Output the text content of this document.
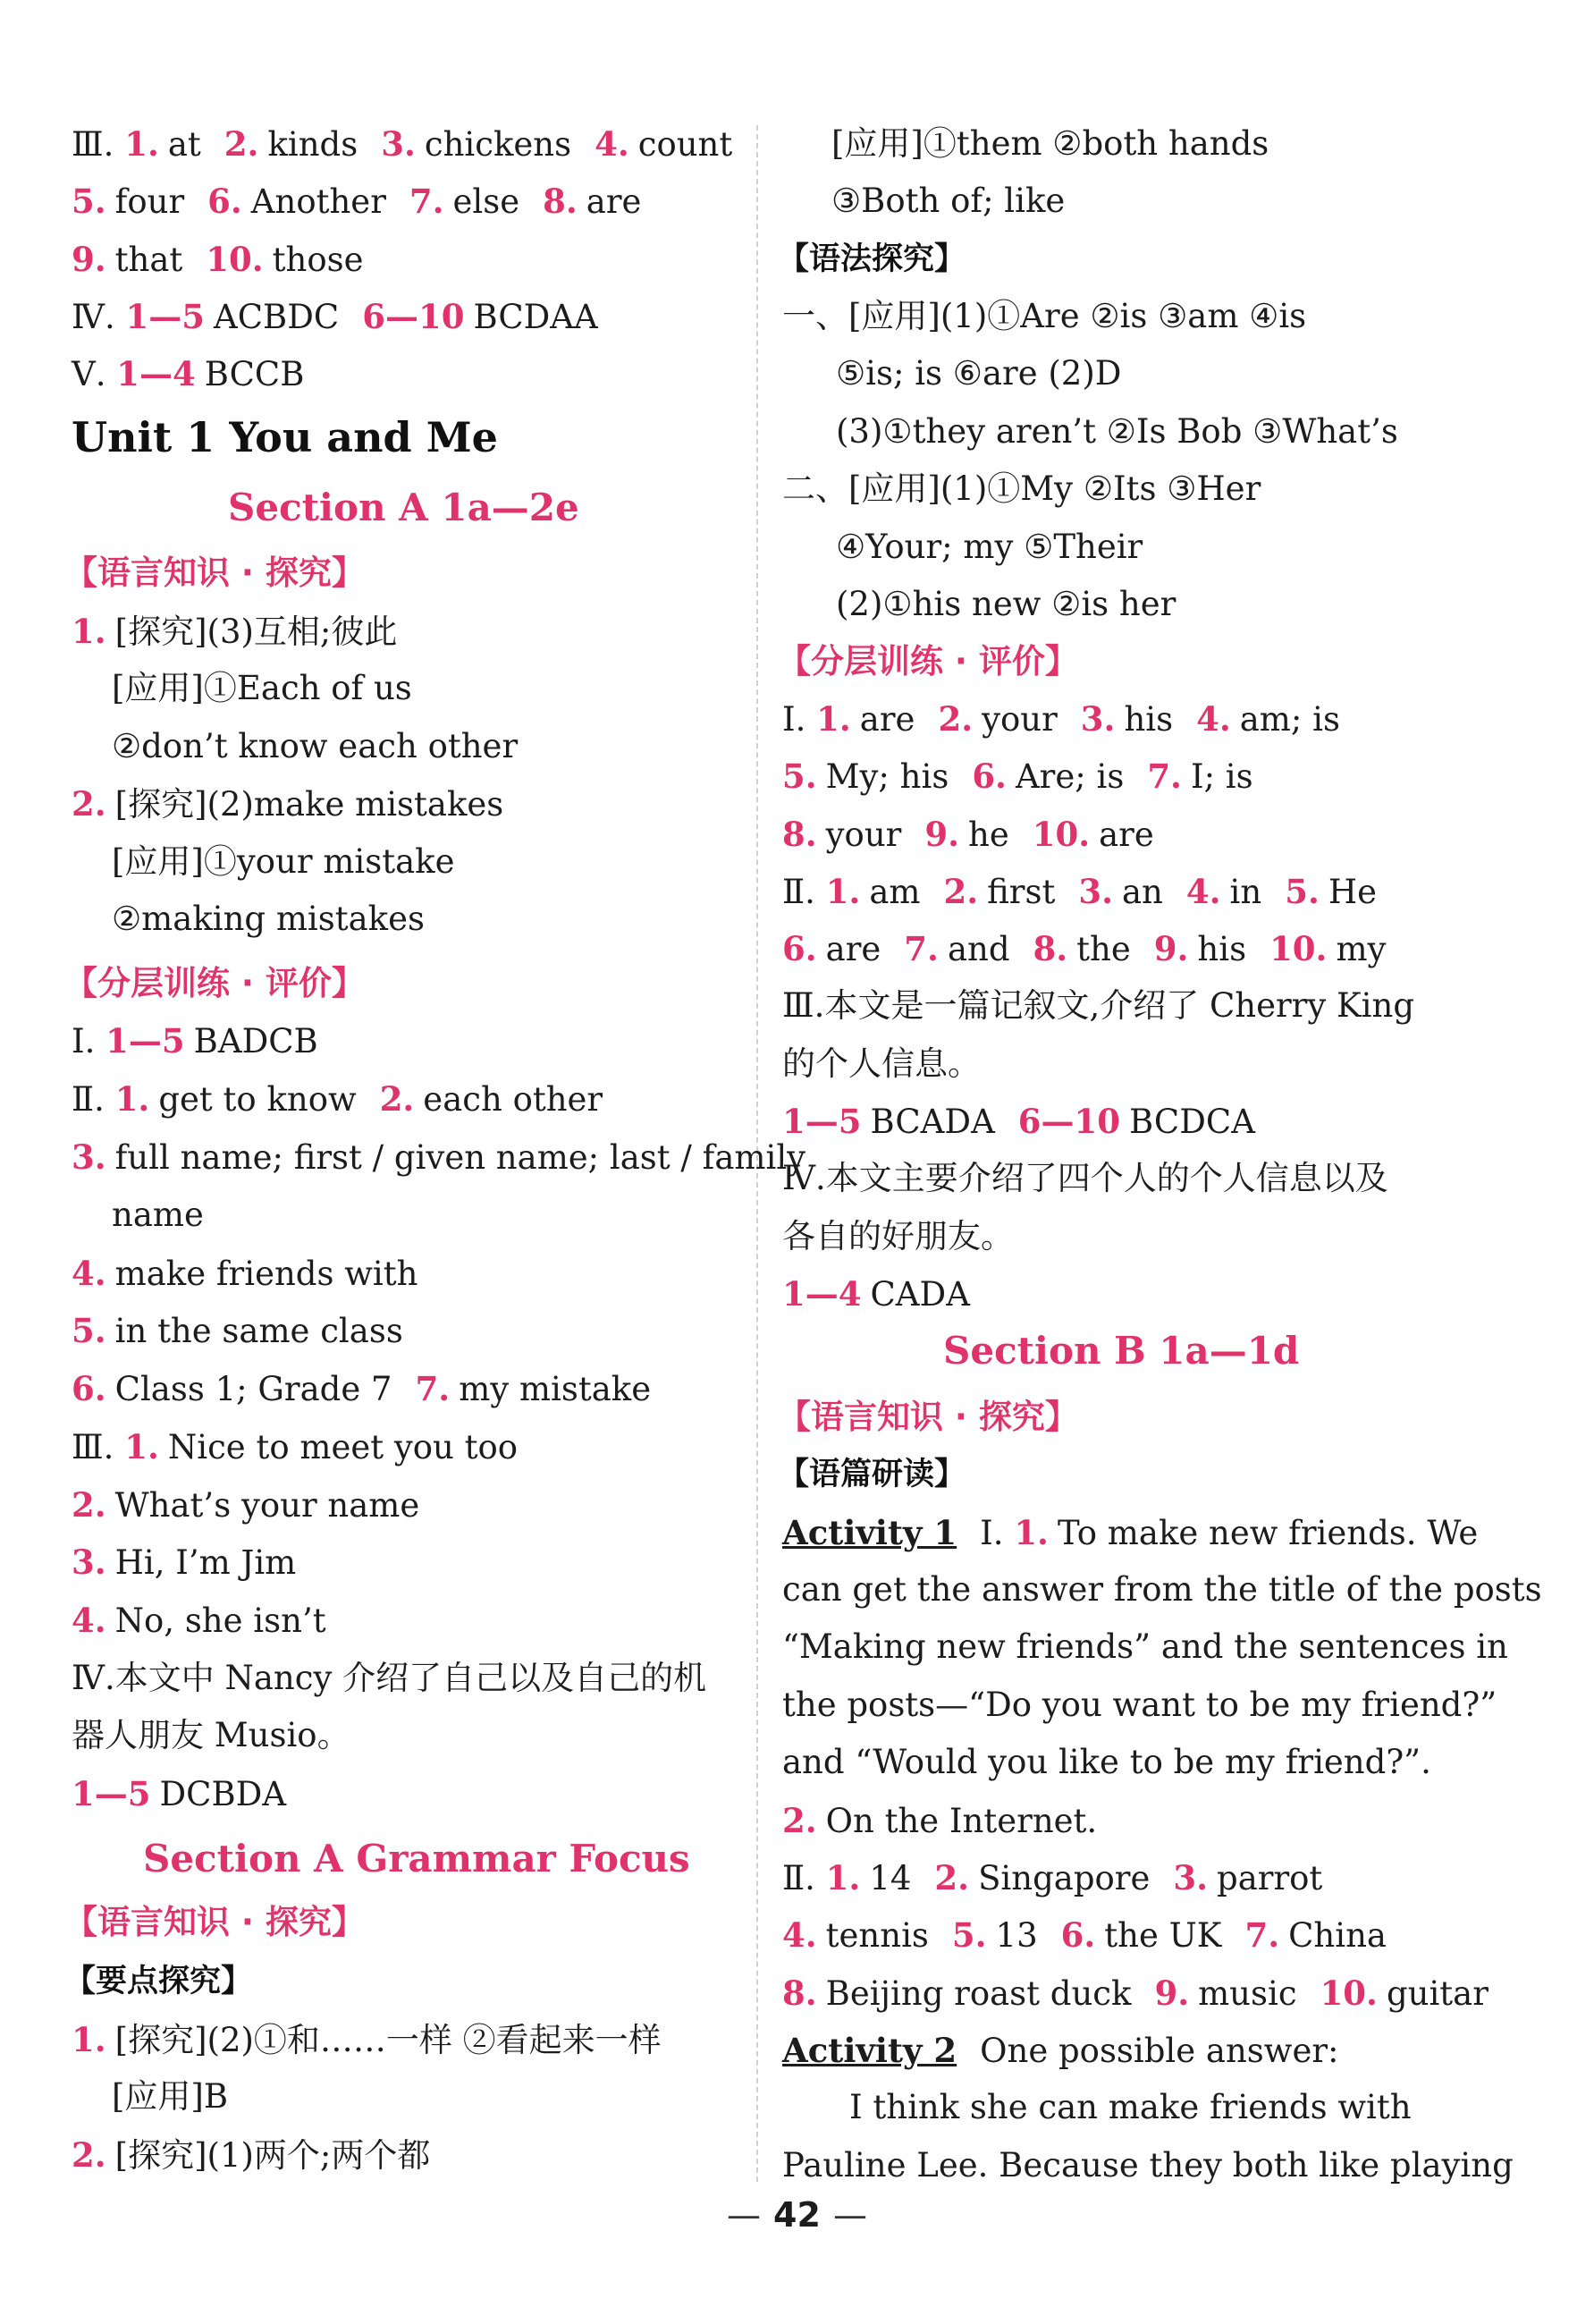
Ⅲ. 1. at 2. kinds 3. chickens 4. count
5. four 6. Another 7. else 8. are
9. that 10. those
Ⅳ. 1—5 ACBDC 6—10 BCDAA
Ⅴ. 1—4 BCCB
Unit 1 You and Me
Section A 1a—2e
【语言知识 · 探究】
1. [探究](3)互相;彼此
[应用]①Each of us
②don’t know each other
2. [探究](2)make mistakes
[应用]①your mistake
②making mistakes
【分层训练 · 评价】
Ⅰ. 1—5 BADCB
Ⅱ. 1. get to know 2. each other
3. full name; first / given name; last / family
name
4. make friends with
5. in the same class
6. Class 1; Grade 7 7. my mistake
Ⅲ. 1. Nice to meet you too
2. What’s your name
3. Hi, I’m Jim
4. No, she isn’t
Ⅳ.本文中 Nancy 介绍了自己以及自己的机
器人朋友 Musio。
1—5 DCBDA
Section A Grammar Focus
【语言知识 · 探究】
【要点探究】
1. [探究](2)①和……一样 ②看起来一样
[应用]B
2. [探究](1)两个;两个都
[应用]①them ②both hands
③Both of; like
【语法探究】
一、[应用](1)①Are ②is ③am ④is
⑤is; is ⑥are (2)D
(3)①they aren’t ②Is Bob ③What’s
二、[应用](1)①My ②Its ③Her
④Your; my ⑤Their
(2)①his new ②is her
【分层训练 · 评价】
Ⅰ. 1. are 2. your 3. his 4. am; is
5. My; his 6. Are; is 7. I; is
8. your 9. he 10. are
Ⅱ. 1. am 2. first 3. an 4. in 5. He
6. are 7. and 8. the 9. his 10. my
Ⅲ.本文是一篇记叙文,介绍了 Cherry King
的个人信息。
1—5 BCADA 6—10 BCDCA
Ⅳ.本文主要介绍了四个人的个人信息以及
各自的好朋友。
1—4 CADA
Section B 1a—1d
【语言知识 · 探究】
【语篇研读】
Activity 1 Ⅰ. 1. To make new friends. We
can get the answer from the title of the posts
“Making new friends” and the sentences in
the posts—“Do you want to be my friend?”
and “Would you like to be my friend?”.
2. On the Internet.
Ⅱ. 1. 14 2. Singapore 3. parrot
4. tennis 5. 13 6. the UK 7. China
8. Beijing roast duck 9. music 10. guitar
Activity 2 One possible answer:
I think she can make friends with
Pauline Lee. Because they both like playing
— 42 —
